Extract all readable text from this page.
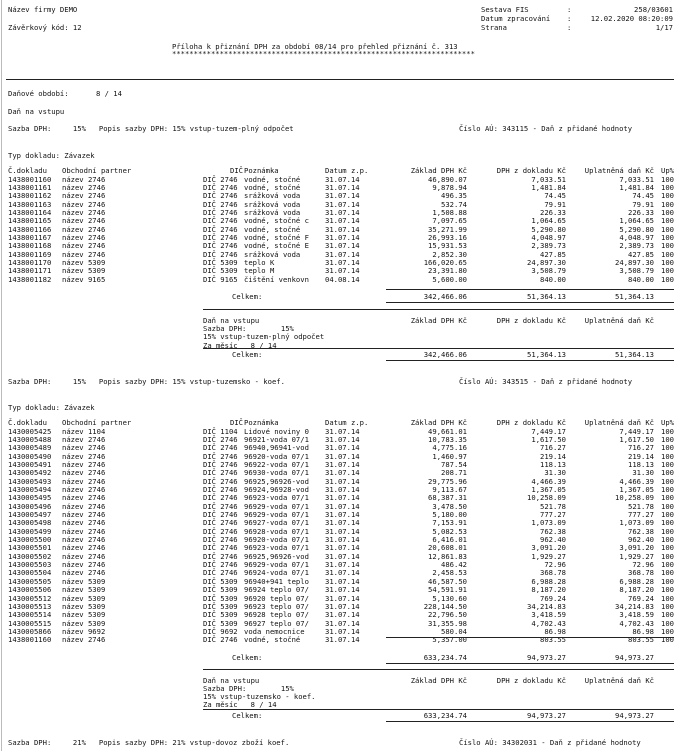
Název firmy DEMO
Závěrkový kód: 12
Sestava FIS	:	258/03601
Datum zpracování :	12.02.2020 08:20:09
Strana	:	1/17
Příloha k přiznání DPH za období 08/14 pro přehled přiznání č. 313
**********************************************************************
Daňové období:	8 / 14
Daň na vstupu
Sazba DPH:     15%   Popis sazby DPH: 15% vstup-tuzem-plný odpočet	Číslo AÚ: 343115 - Daň z přidané hodnoty
Typ dokladu: Závazek
Č.dokladu Obchodní partner	DIČ Poznámka	Datum z.p.	Základ DPH Kč	DPH z dokladu Kč	Uplatněná daň Kč Up%
1438001160 název 2746	DIČ 2746 vodné, stočné	31.07.14	46,890.07	7,033.51	7,033.51 100
1438001161 název 2746	DIČ 2746 vodné, stočné	31.07.14	9,878.94	1,481.84	1,481.84 100
1438001162 název 2746	DIČ 2746 srážková voda	31.07.14	496.35	74.45	74.45 100
1438001163 název 2746	DIČ 2746 srážková voda	31.07.14	532.74	79.91	79.91 100
1438001164 název 2746	DIČ 2746 srážková voda	31.07.14	1,508.88	226.33	226.33 100
1438001165 název 2746	DIČ 2746 vodné, stočné c 31.07.14	7,097.65	1,064.65	1,064.65 100
1438001166 název 2746	DIČ 2746 vodné, stočné	31.07.14	35,271.99	5,290.80	5,290.80 100
1438001167 název 2746	DIČ 2746 vodné, stočné F 31.07.14	26,993.16	4,048.97	4,048.97 100
1438001168 název 2746	DIČ 2746 vodné, stočné E 31.07.14	15,931.53	2,389.73	2,389.73 100
1438001169 název 2746	DIČ 2746 srážková voda	31.07.14	2,852.30	427.85	427.85 100
1438001170 název 5309	DIČ 5309 teplo K	31.07.14	166,020.65	24,897.30	24,897.30 100
1438001171 název 5309	DIČ 5309 teplo M	31.07.14	23,391.80	3,508.79	3,508.79 100
1438001182 název 9165	DIČ 9165 čištění venkovn 04.08.14	5,600.00	840.00	840.00 100
Celkem:	342,466.06	51,364.13	51,364.13
Daň na vstupu
Sazba DPH:        15%
15% vstup-tuzem-plný odpočet
Za měsíc   8 / 14
Základ DPH Kč	DPH z dokladu Kč	Uplatněná daň Kč
Celkem:	342,466.06	51,364.13	51,364.13
Sazba DPH:     15%   Popis sazby DPH: 15% vstup-tuzemsko - koef.	Číslo AÚ: 343515 - Daň z přidané hodnoty
Typ dokladu: Závazek
Č.dokladu Obchodní partner	DIČ Poznámka	Datum z.p.	Základ DPH Kč	DPH z dokladu Kč	Uplatněná daň Kč Up%
1430005425 název 1104	DIČ 1104 Lidové noviny 0 31.07.14	49,661.01	7,449.17	7,449.17 100
1430005488 název 2746	DIČ 2746 96921-voda 07/1 31.07.14	10,783.35	1,617.50	1,617.50 100
1430005489 název 2746	DIČ 2746 96940,96941-vod 31.07.14	4,775.16	716.27	716.27 100
1430005490 název 2746	DIČ 2746 96920-voda 07/1 31.07.14	1,460.97	219.14	219.14 100
1430005491 název 2746	DIČ 2746 96922-voda 07/1 31.07.14	787.54	118.13	118.13 100
1430005492 název 2746	DIČ 2746 96930-voda 07/1 31.07.14	208.71	31.30	31.30 100
1430005493 název 2746	DIČ 2746 96925,96926-vod 31.07.14	29,775.96	4,466.39	4,466.39 100
1430005494 název 2746	DIČ 2746 96924,96928-vod 31.07.14	9,113.67	1,367.05	1,367.05 100
1430005495 název 2746	DIČ 2746 96923-voda 07/1 31.07.14	68,387.31	10,258.09	10,258.09 100
1430005496 název 2746	DIČ 2746 96929-voda 07/1 31.07.14	3,478.50	521.78	521.78 100
1430005497 název 2746	DIČ 2746 96929-voda 07/1 31.07.14	5,180.00	777.27	777.27 100
1430005498 název 2746	DIČ 2746 96927-voda 07/1 31.07.14	7,153.91	1,073.09	1,073.09 100
1430005499 název 2746	DIČ 2746 96928-voda 07/1 31.07.14	5,082.53	762.38	762.38 100
1430005500 název 2746	DIČ 2746 96920-voda 07/1 31.07.14	6,416.01	962.40	962.40 100
1430005501 název 2746	DIČ 2746 96923-voda 07/1 31.07.14	20,608.01	3,091.20	3,091.20 100
1430005502 název 2746	DIČ 2746 96925,96926-vod 31.07.14	12,861.83	1,929.27	1,929.27 100
1430005503 název 2746	DIČ 2746 96929-voda 07/1 31.07.14	486.42	72.96	72.96 100
1430005504 název 2746	DIČ 2746 96924-voda 07/1 31.07.14	2,458.53	368.78	368.78 100
1430005505 název 5309	DIČ 5309 96940+941 teplo 31.07.14	46,587.50	6,988.28	6,988.28 100
1430005506 název 5309	DIČ 5309 96924 teplo 07/ 31.07.14	54,591.91	8,187.20	8,187.20 100
1430005512 název 5309	DIČ 5309 96920 teplo 07/ 31.07.14	5,130.60	769.24	769.24 100
1430005513 název 5309	DIČ 5309 96923 teplo 07/ 31.07.14	228,144.50	34,214.83	34,214.83 100
1430005514 název 5309	DIČ 5309 96928 teplo 07/ 31.07.14	22,796.50	3,418.59	3,418.59 100
1430005515 název 5309	DIČ 5309 96927 teplo 07/ 31.07.14	31,355.98	4,702.43	4,702.43 100
1430005866 název 9692	DIČ 9692 voda nemocnice	31.07.14	580.04	86.98	86.98 100
1438001160 název 2746	DIČ 2746 vodné, stočné	31.07.14	5,357.00	803.55	803.55 100
Celkem:	633,234.74	94,973.27	94,973.27
Daň na vstupu
Sazba DPH:        15%
15% vstup-tuzemsko - koef.
Za měsíc   8 / 14
Základ DPH Kč	DPH z dokladu Kč	Uplatněná daň Kč
Celkem:	633,234.74	94,973.27	94,973.27
Sazba DPH:     21%   Popis sazby DPH: 21% vstup-dovoz zboží koef.	Číslo AÚ: 34302031 - Daň z přidané hodnoty
